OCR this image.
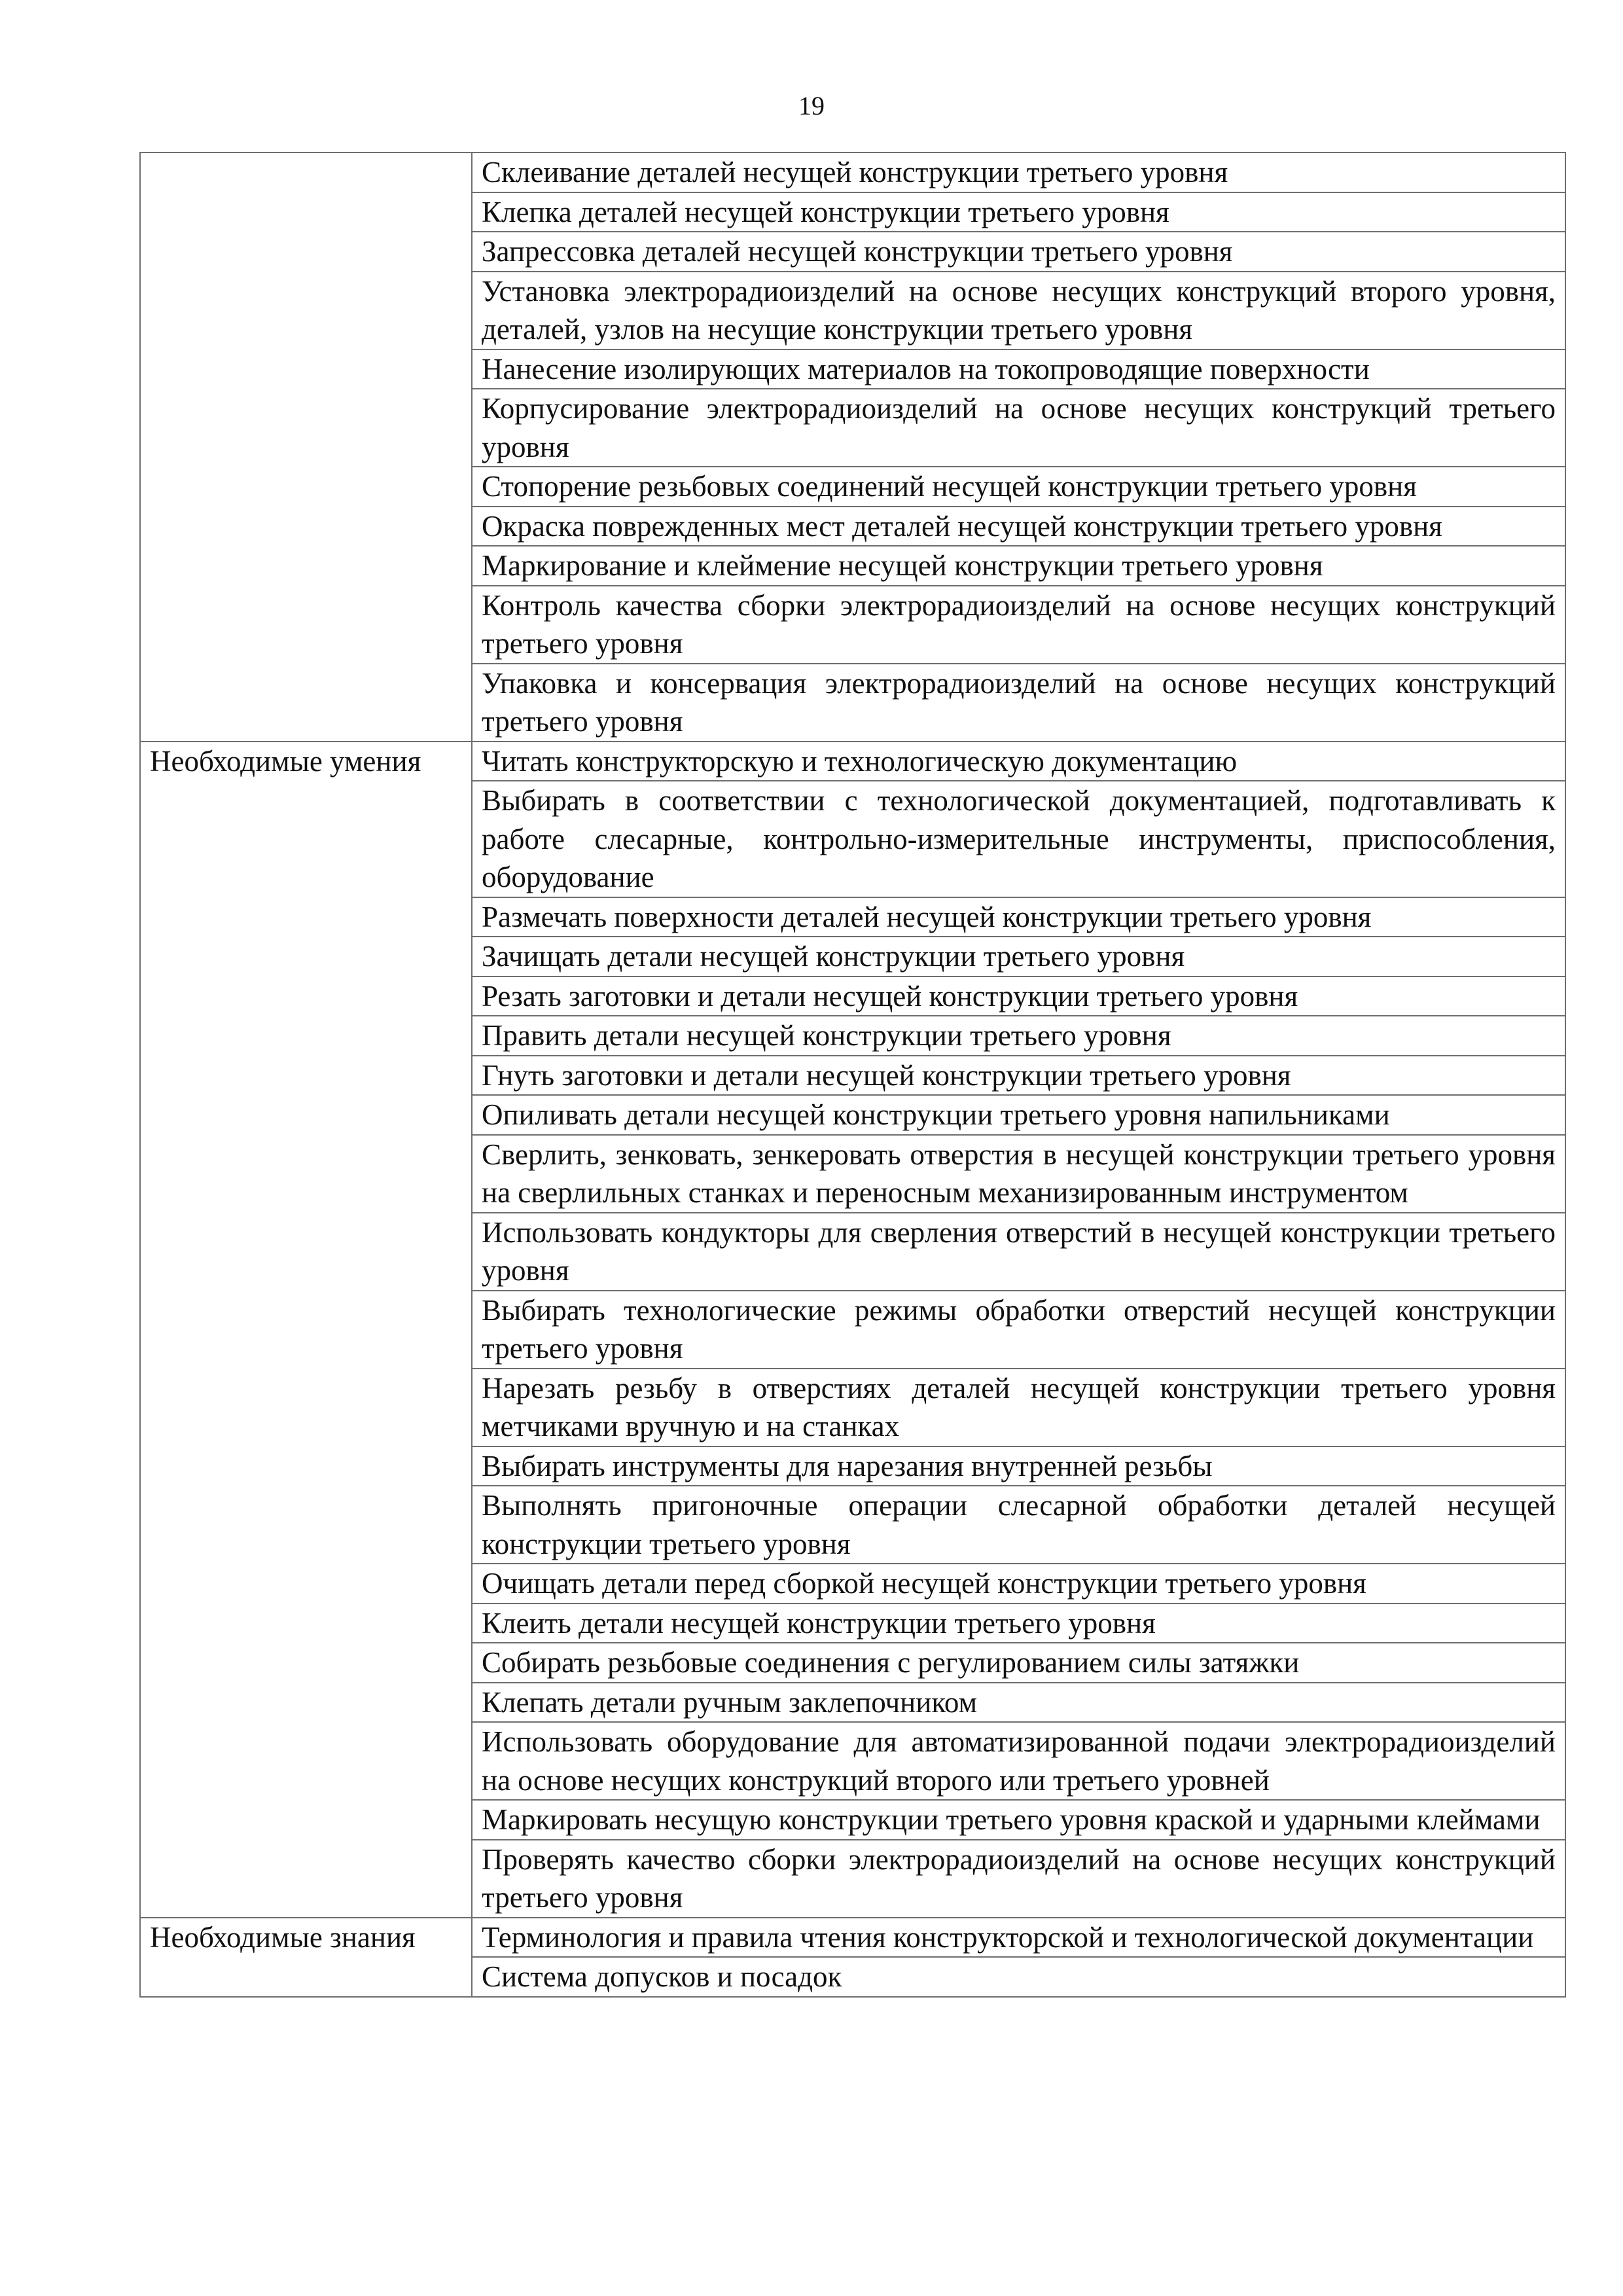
19
	Склеивание деталей несущей конструкции третьего уровня
	Клепка деталей несущей конструкции третьего уровня
	Запрессовка деталей несущей конструкции третьего уровня
	Установка электрорадиоизделий на основе несущих конструкций второго уровня, деталей, узлов на несущие конструкции третьего уровня
	Нанесение изолирующих материалов на токопроводящие поверхности
	Корпусирование электрорадиоизделий на основе несущих конструкций третьего уровня
	Стопорение резьбовых соединений несущей конструкции третьего уровня
	Окраска поврежденных мест деталей несущей конструкции третьего уровня
	Маркирование и клеймение несущей конструкции третьего уровня
	Контроль качества сборки электрорадиоизделий на основе несущих конструкций третьего уровня
	Упаковка и консервация электрорадиоизделий на основе несущих конструкций третьего уровня
Необходимые умения	Читать конструкторскую и технологическую документацию
	Выбирать в соответствии с технологической документацией, подготавливать к работе слесарные, контрольно-измерительные инструменты, приспособления, оборудование
	Размечать поверхности деталей несущей конструкции третьего уровня
	Зачищать детали несущей конструкции третьего уровня
	Резать заготовки и детали несущей конструкции третьего уровня
	Править детали несущей конструкции третьего уровня
	Гнуть заготовки и детали несущей конструкции третьего уровня
	Опиливать детали несущей конструкции третьего уровня напильниками
	Сверлить, зенковать, зенкеровать отверстия в несущей конструкции третьего уровня на сверлильных станках и переносным механизированным инструментом
	Использовать кондукторы для сверления отверстий в несущей конструкции третьего уровня
	Выбирать технологические режимы обработки отверстий несущей конструкции третьего уровня
	Нарезать резьбу в отверстиях деталей несущей конструкции третьего уровня метчиками вручную и на станках
	Выбирать инструменты для нарезания внутренней резьбы
	Выполнять пригоночные операции слесарной обработки деталей несущей конструкции третьего уровня
	Очищать детали перед сборкой несущей конструкции третьего уровня
	Клеить детали несущей конструкции третьего уровня
	Собирать резьбовые соединения с регулированием силы затяжки
	Клепать детали ручным заклепочником
	Использовать оборудование для автоматизированной подачи электрорадиоизделий на основе несущих конструкций второго или третьего уровней
	Маркировать несущую конструкции третьего уровня краской и ударными клеймами
	Проверять качество сборки электрорадиоизделий на основе несущих конструкций третьего уровня
Необходимые знания	Терминология и правила чтения конструкторской и технологической документации
	Система допусков и посадок
